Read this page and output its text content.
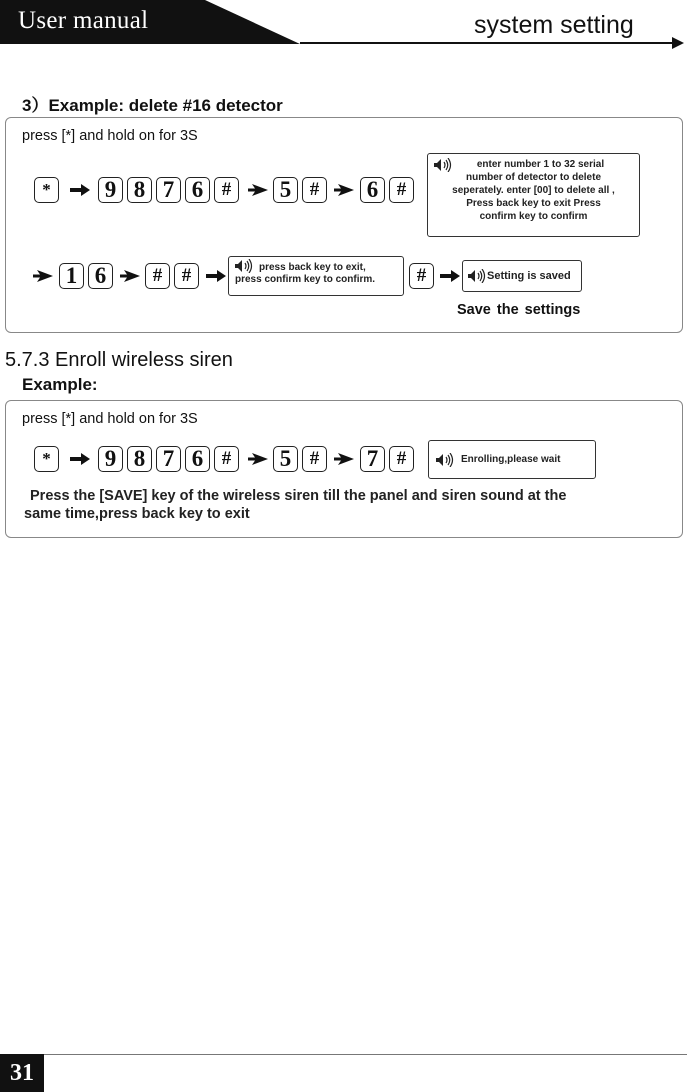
User manual	system setting
3）Example: delete #16 detector
press [*] and hold on for 3S
*	9 8 7 6 #	5 #	6 #
enter number 1 to 32 serial
number of detector to delete
seperately. enter [00] to delete all ,
Press back key to exit Press
confirm key to confirm
1 6	#	#	#
press back key to exit,
press confirm key to confirm.	Setting is saved
Save the settings
5.7.3 Enroll wireless siren
Example:
press [*] and hold on for 3S
*	9 8 7 6 #	5 #	7 #	Enrolling,please wait
Press the [SAVE] key of the wireless siren till the panel and siren sound at the
same time,press back key to exit
31
